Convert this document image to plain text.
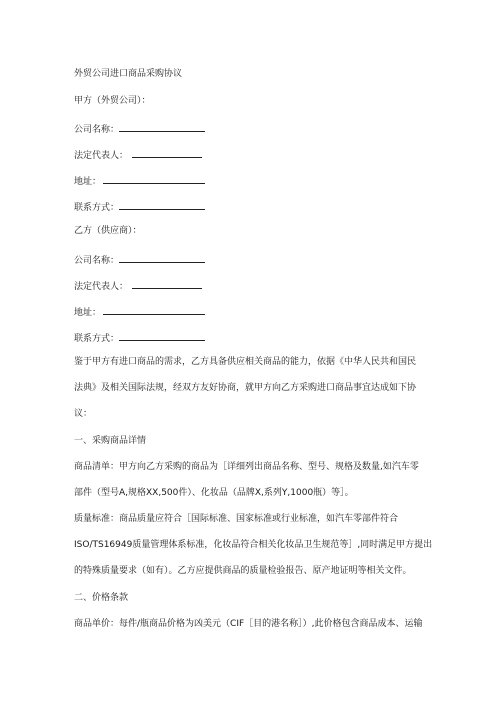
外贸公司进口商品采购协议
甲方（外贸公司）：
公司名称：
法定代表人：
地址：
联系方式：
乙方（供应商）：
公司名称：
法定代表人：
地址：
联系方式：
鉴于甲方有进口商品的需求，乙方具备供应相关商品的能力，依据《中华人民共和国民
法典》及相关国际法规，经双方友好协商，就甲方向乙方采购进口商品事宜达成如下协
议：
一、采购商品详情
商品清单：甲方向乙方采购的商品为［详细列出商品名称、型号、规格及数量,如汽车零
部件（型号A,规格XX,500件）、化妆品（品牌X,系列Y,1000瓶）等］。
质量标准：商品质量应符合［国际标准、国家标准或行业标准，如汽车零部件符合
ISO/TS16949质量管理体系标准，化妆品符合相关化妆品卫生规范等］,同时满足甲方提出
的特殊质量要求（如有）。乙方应提供商品的质量检验报告、原产地证明等相关文件。
二、价格条款
商品单价：每件/瓶商品价格为凶美元（CIF［目的港名称］）,此价格包含商品成本、运输
